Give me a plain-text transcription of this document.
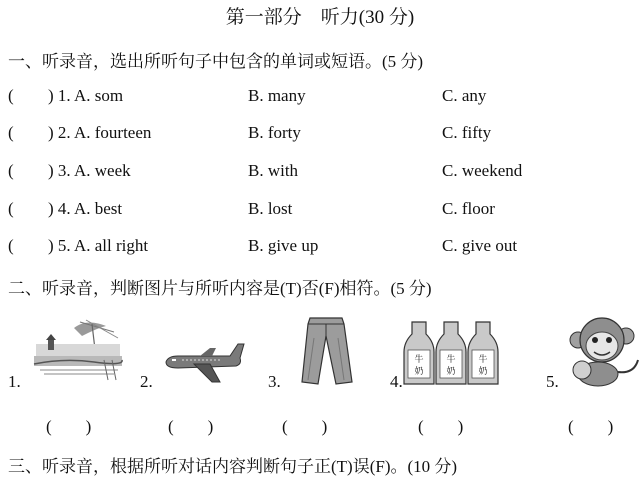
第一部分　听力(30 分)
一、听录音，选出所听句子中包含的单词或短语。(5 分)
( ) 1. A. som	B. many	C. any
( ) 2. A. fourteen	B. forty	C. fifty
( ) 3. A. week	B. with	C. weekend
( ) 4. A. best	B. lost	C. floor
( ) 5. A. all right	B. give up	C. give out
二、听录音，判断图片与所听内容是(T)否(F)相符。(5 分)
1.	2.	3.	4.
牛
奶
牛
奶
牛
奶	5.
(　　)	(　　)	(　　)	(　　)	(　　)
三、听录音，根据所听对话内容判断句子正(T)误(F)。(10 分)
